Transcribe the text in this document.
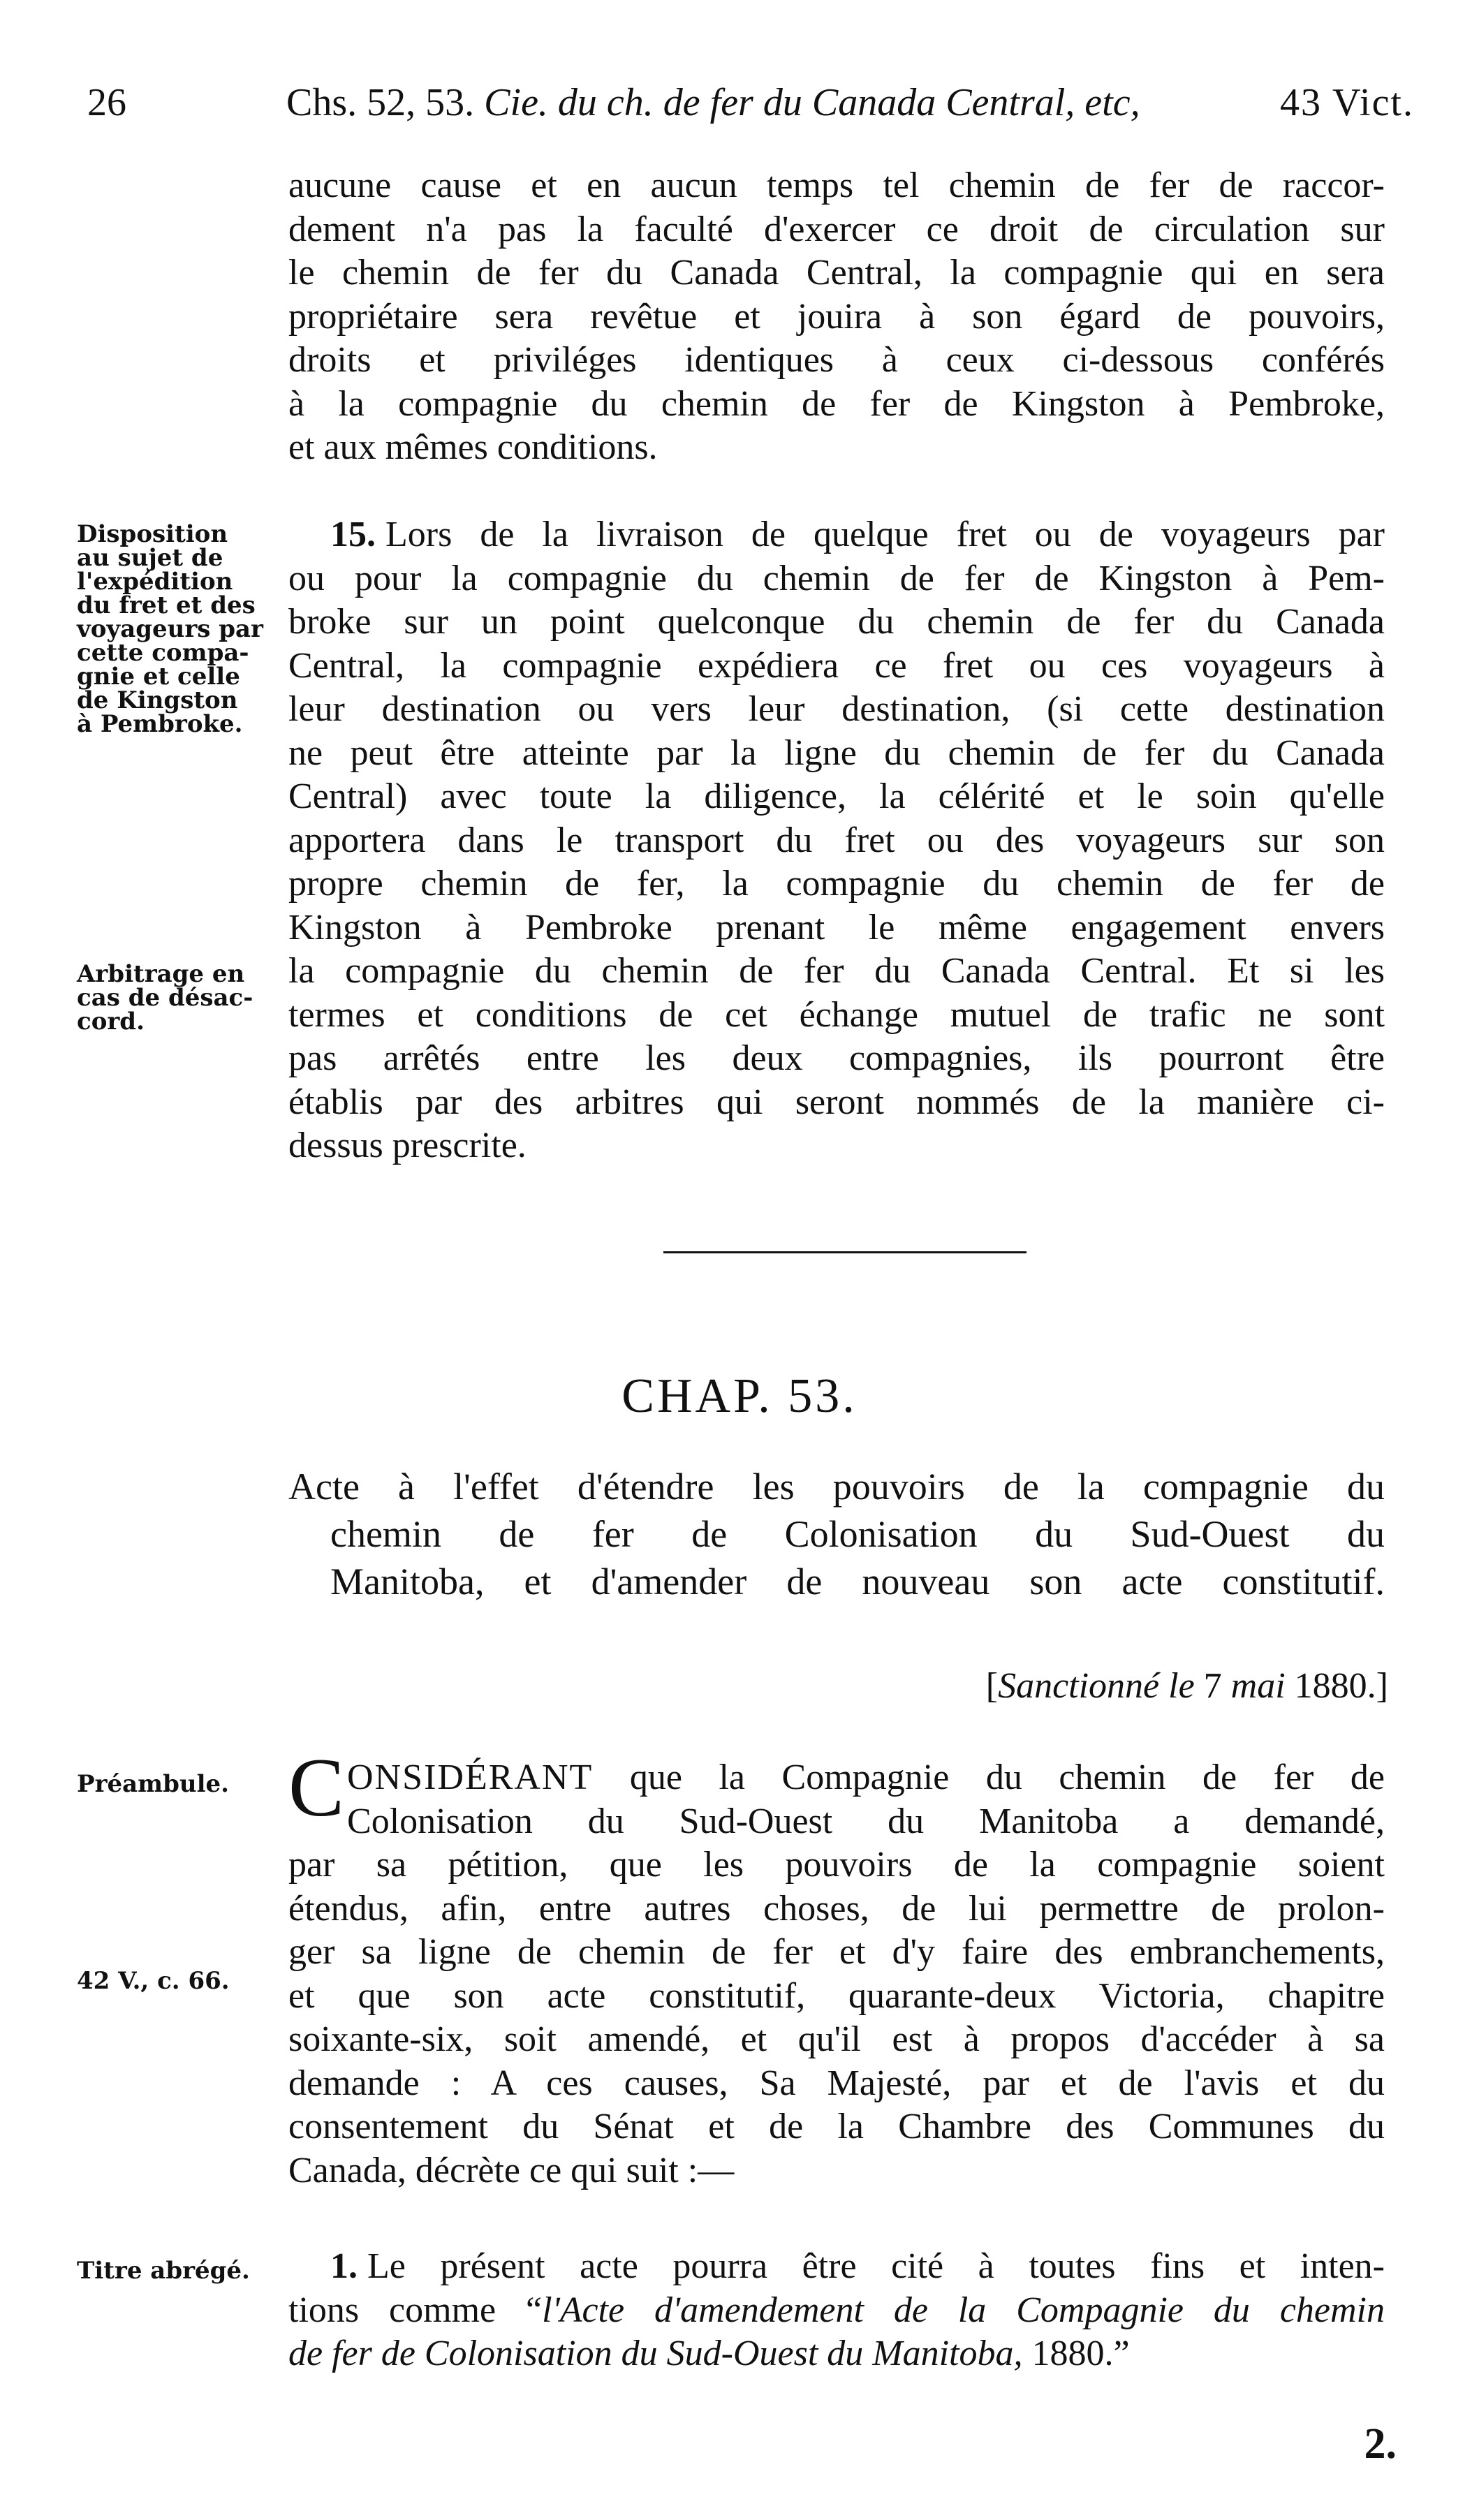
26	Chs. 52, 53. Cie. du ch. de fer du Canada Central, etc,	43 Vict.
aucune cause et en aucun temps tel chemin de fer de raccor-
dement n'a pas la faculté d'exercer ce droit de circulation sur
le chemin de fer du Canada Central, la compagnie qui en sera
propriétaire sera revêtue et jouira à son égard de pouvoirs,
droits et priviléges identiques à ceux ci-dessous conférés
à la compagnie du chemin de fer de Kingston à Pembroke,
et aux mêmes conditions.
Disposition
au sujet de
l'expédition
du fret et des
voyageurs par
cette compa-
gnie et celle
de Kingston
à Pembroke.
15. Lors de la livraison de quelque fret ou de voyageurs par
ou pour la compagnie du chemin de fer de Kingston à Pem-
broke sur un point quelconque du chemin de fer du Canada
Central, la compagnie expédiera ce fret ou ces voyageurs à
leur destination ou vers leur destination, (si cette destination
ne peut être atteinte par la ligne du chemin de fer du Canada
Central) avec toute la diligence, la célérité et le soin qu'elle
apportera dans le transport du fret ou des voyageurs sur son
propre chemin de fer, la compagnie du chemin de fer de
Kingston à Pembroke prenant le même engagement envers
la compagnie du chemin de fer du Canada Central. Et si les
termes et conditions de cet échange mutuel de trafic ne sont
pas arrêtés entre les deux compagnies, ils pourront être
établis par des arbitres qui seront nommés de la manière ci-
dessus prescrite.
Arbitrage en
cas de désac-
cord.
CHAP. 53.
Acte à l'effet d'étendre les pouvoirs de la compagnie du
chemin de fer de Colonisation du Sud-Ouest du
Manitoba, et d'amender de nouveau son acte constitutif.
[Sanctionné le 7 mai 1880.]
Préambule.
42 V., c. 66.
C ONSIDÉRANT que la Compagnie du chemin de fer de
Colonisation du Sud-Ouest du Manitoba a demandé,
par sa pétition, que les pouvoirs de la compagnie soient
étendus, afin, entre autres choses, de lui permettre de prolon-
ger sa ligne de chemin de fer et d'y faire des embranchements,
et que son acte constitutif, quarante-deux Victoria, chapitre
soixante-six, soit amendé, et qu'il est à propos d'accéder à sa
demande : A ces causes, Sa Majesté, par et de l'avis et du
consentement du Sénat et de la Chambre des Communes du
Canada, décrète ce qui suit :—
Titre abrégé.	1. Le présent acte pourra être cité à toutes fins et inten-
tions comme “l'Acte d'amendement de la Compagnie du chemin
de fer de Colonisation du Sud-Ouest du Manitoba, 1880.”
2.
